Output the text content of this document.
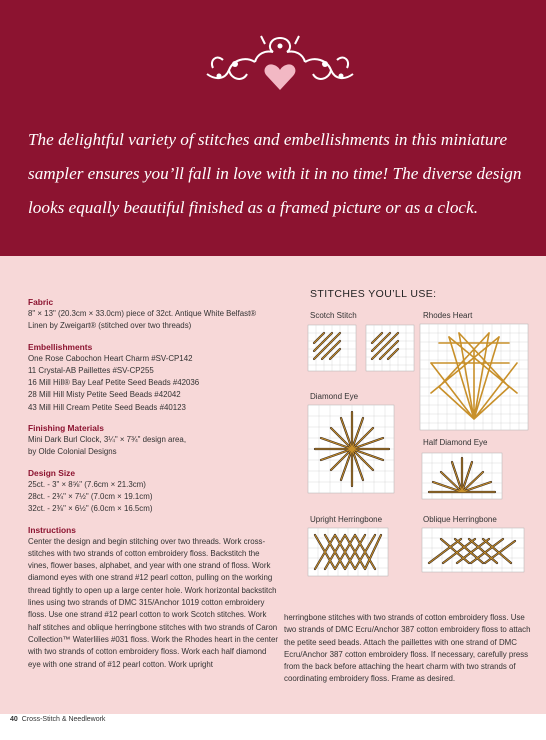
The delightful variety of stitches and embellishments in this miniature sampler ensures you’ll fall in love with it in no time! The diverse design looks equally beautiful finished as a framed picture or as a clock.

Fabric

8" × 13" (20.3cm × 33.0cm) piece of 32ct. Antique White Belfast®

Linen by Zweigart® (stitched over two threads)

Embellishments

One Rose Cabochon Heart Charm #SV-CP142

11 Crystal-AB Paillettes #SV-CP255

16 Mill Hill® Bay Leaf Petite Seed Beads #42036

28 Mill Hill Misty Petite Seed Beads #42042

43 Mill Hill Cream Petite Seed Beads #40123

Finishing Materials

Mini Dark Burl Clock, 3¼" × 7¾" design area,

by Olde Colonial Designs

Design Size

25ct. - 3" × 8⅝" (7.6cm × 21.3cm)

28ct. - 2¾" × 7½" (7.0cm × 19.1cm)

32ct. - 2⅜" × 6½" (6.0cm × 16.5cm)

Instructions

Center the design and begin stitching over two threads. Work cross-stitches with two strands of cotton embroidery floss. Backstitch the vines, flower bases, alphabet, and year with one strand of floss. Work diamond eyes with one strand #12 pearl cotton, pulling on the working thread tightly to open up a large center hole. Work horizontal backstitch lines using two strands of DMC 315/Anchor 1019 cotton embroidery floss. Use one strand #12 pearl cotton to work Scotch stitches. Work half stitches and oblique herringbone stitches with two strands of Caron Collection™ Waterlilies #031 floss. Work the Rhodes heart in the center with two strands of cotton embroidery floss. Work each half diamond eye with one strand of #12 pearl cotton. Work upright

herringbone stitches with two strands of cotton embroidery floss. Use two strands of DMC Ecru/Anchor 387 cotton embroidery floss to attach the petite seed beads. Attach the paillettes with one strand of DMC Ecru/Anchor 387 cotton embroidery floss. If necessary, carefully press from the back before attaching the heart charm with two strands of coordinating embroidery floss. Frame as desired.

STITCHES YOU’LL USE:
Scotch Stitch	Rhodes Heart
Diamond Eye
Half Diamond Eye
Upright Herringbone	Oblique Herringbone
40 Cross-Stitch & Needlework
